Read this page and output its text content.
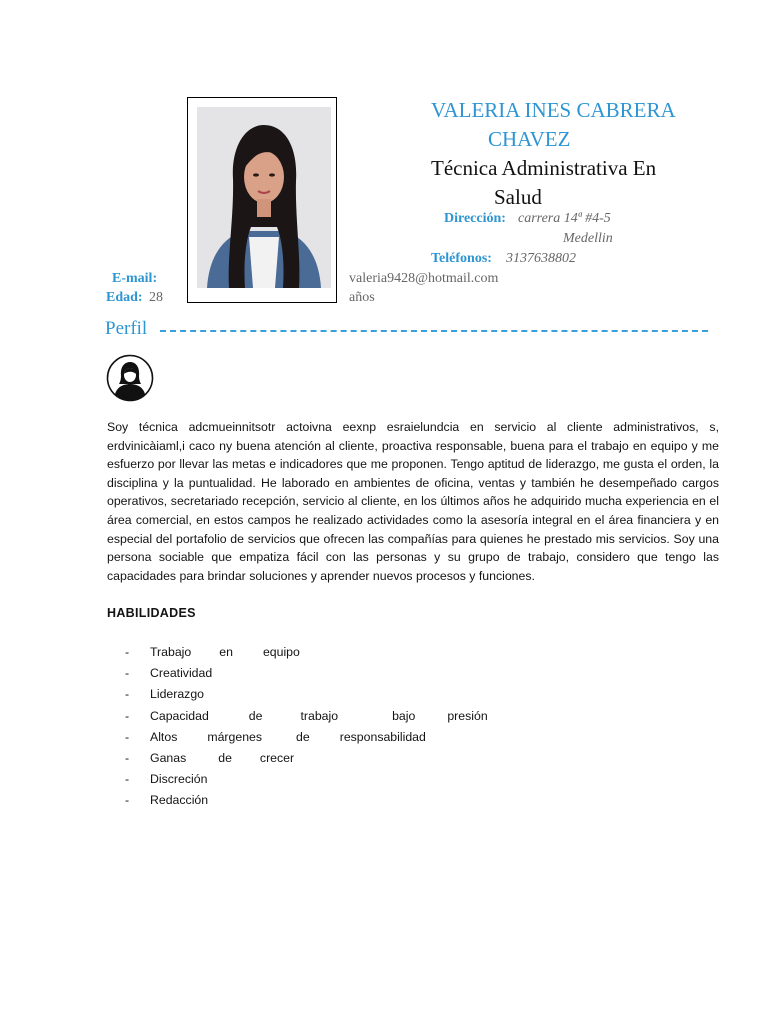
VALERIA INES CABRERA
CHAVEZ
Técnica Administrativa En
Salud
Dirección: carrera 14ª #4-5
Medellin
Teléfonos: 3137638802
E-mail:	valeria9428@hotmail.com
Edad: 28	años
Perfil
Soy técnica adcmueinnitsotr actoivna eexnp esraielundcia en servicio al cliente administrativos, s, erdvinicàiaml,i caco ny buena atención al cliente, proactiva responsable, buena para el trabajo en equipo y me esfuerzo por llevar las metas e indicadores que me proponen. Tengo aptitud de liderazgo, me gusta el orden, la disciplina y la puntualidad. He laborado en ambientes de oficina, ventas y también he desempeñado cargos operativos, secretariado recepción, servicio al cliente, en los últimos años he adquirido mucha experiencia en el área comercial, en estos campos he realizado actividades como la asesoría integral en el área financiera y en especial del portafolio de servicios que ofrecen las compañías para quienes he prestado mis servicios. Soy una persona sociable que empatiza fácil con las personas y su grupo de trabajo, considero que tengo las capacidades para brindar soluciones y aprender nuevos procesos y funciones.
HABILIDADES
- Trabajo en equipo
- Creatividad
- Liderazgo
- Capacidad	de	trabajo	bajo	presión
- Altos márgenes	de responsabilidad
- Ganas	de crecer
- Discreción
- Redacción
